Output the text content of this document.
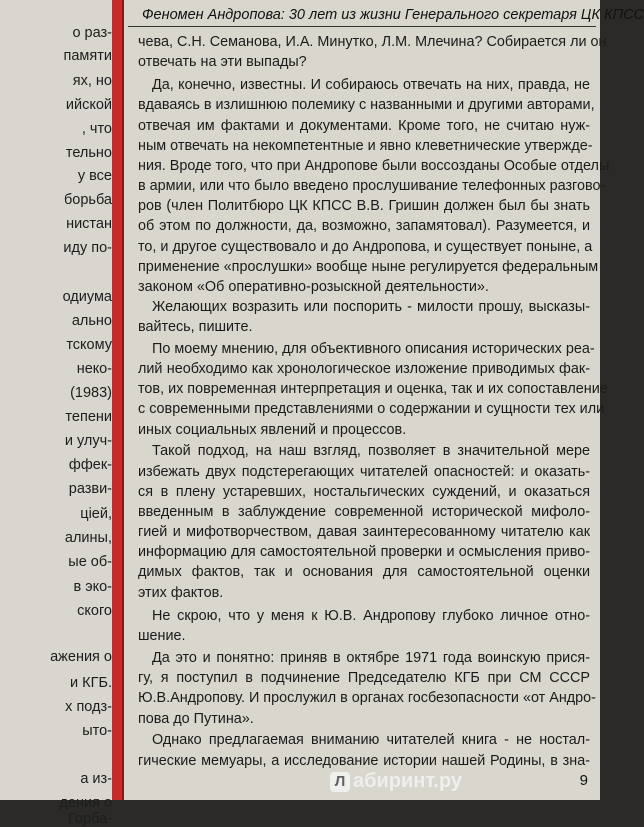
о раз-
памяти
ях, но
ийской
, что
тельно
у все
борьба
нистан
иду по-
одиума
ально
тскому
некo-
(1983)
тепени
и улуч-
ффек-
разви-
ціей,
алины,
ые об-
в эко-
ского
ажения о
и КГБ.
х подз-
ыто-
а из-
дения о
Горба-
Феномен Андропова: 30 лет из жизни Генерального секретаря ЦК КПСС
чева, С.Н. Семанова, И.А. Минутко, Л.М. Млечина? Собирается ли он
отвечать на эти выпады?
Да, конечно, известны. И собираюсь отвечать на них, правда, не
вдаваясь в излишнюю полемику с названными и другими авторами,
отвечая им фактами и документами. Кроме того, не считаю нуж-
ным отвечать на некомпетентные и явно клеветнические утвержде-
ния. Вроде того, что при Андропове были воссозданы Особые отделы
в армии, или что было введено прослушивание телефонных разгово-
ров (член Политбюро ЦК КПСС В.В. Гришин должен был бы знать
об этом по должности, да, возможно, запамятовал). Разумеется, и
то, и другое существовало и до Андропова, и существует поныне, а
применение «прослушки» вообще ныне регулируется федеральным
законом «Об оперативно-розыскной деятельности».
Желающих возразить или поспорить - милости прошу, высказы-
вайтесь, пишите.
По моему мнению, для объективного описания исторических реа-
лий необходимо как хронологическое изложение приводимых фак-
тов, их повременная интерпретация и оценка, так и их сопоставление
с современными представлениями о содержании и сущности тех или
иных социальных явлений и процессов.
Такой подход, на наш взгляд, позволяет в значительной мере
избежать двух подстерегающих читателей опасностей: и оказать-
ся в плену устаревших, ностальгических суждений, и оказаться
введенным в заблуждение современной исторической мифоло-
гией и мифотворчеством, давая заинтересованному читателю как
информацию для самостоятельной проверки и осмысления приво-
димых фактов, так и основания для самостоятельной оценки
этих фактов.
Не скрою, что у меня к Ю.В. Андропову глубоко личное отно-
шение.
Да это и понятно: приняв в октябре 1971 года воинскую прися-
гу, я поступил в подчинение Председателю КГБ при СМ СССР
Ю.В.Андропову. И прослужил в органах госбезопасности «от Андро-
пова до Путина».
Однако предлагаемая вниманию читателей книга - не ностал-
гические мемуары, а исследование истории нашей Родины, в зна-
9
Л абиринт.ру
